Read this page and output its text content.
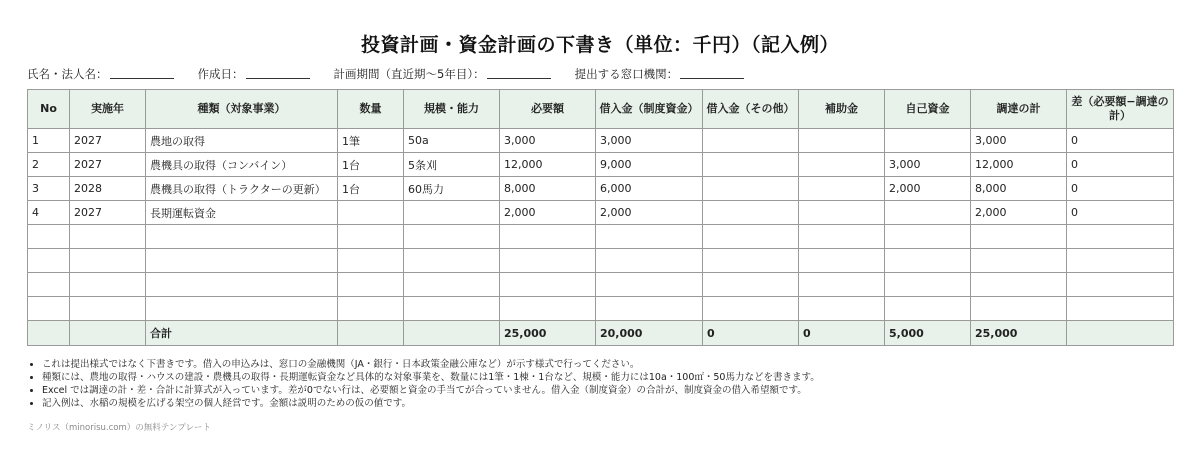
投資計画・資金計画の下書き（単位：千円）（記入例）
氏名・法人名：	作成日：	計画期間（直近期〜5年目）：	提出する窓口機関：
No	実施年	種類（対象事業）	数量	規模・能力	必要額	借入金（制度資金）	借入金（その他）	補助金	自己資金	調達の計	差（必要額−調達の計）
1	2027	農地の取得	1筆	50a	3,000	3,000				3,000	0
2	2027	農機具の取得（コンバイン）	1台	5条刈	12,000	9,000			3,000	12,000	0
3	2028	農機具の取得（トラクターの更新）	1台	60馬力	8,000	6,000			2,000	8,000	0
4	2027	長期運転資金			2,000	2,000				2,000	0

		合計			25,000	20,000	0	0	5,000	25,000	
• これは提出様式ではなく下書きです。借入の申込みは、窓口の金融機関（JA・銀行・日本政策金融公庫など）が示す様式で行ってください。
• 種類には、農地の取得・ハウスの建設・農機具の取得・長期運転資金など具体的な対象事業を、数量には1筆・1棟・1台など、規模・能力には10a・100㎡・50馬力などを書きます。
• Excel では調達の計・差・合計に計算式が入っています。差が0でない行は、必要額と資金の手当てが合っていません。借入金（制度資金）の合計が、制度資金の借入希望額です。
• 記入例は、水稲の規模を広げる架空の個人経営です。金額は説明のための仮の値です。
ミノリス（minorisu.com）の無料テンプレート
